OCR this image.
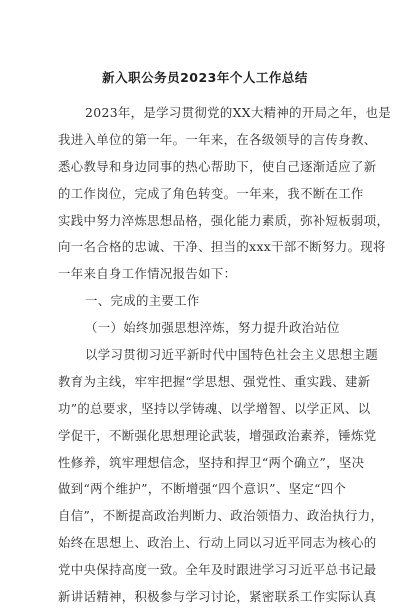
新入职公务员2023年个人工作总结
2023年，是学习贯彻党的XX大精神的开局之年，也是
我进入单位的第一年。一年来，在各级领导的言传身教、
悉心教导和身边同事的热心帮助下，使自己逐渐适应了新
的工作岗位，完成了角色转变。一年来，我不断在工作
实践中努力淬炼思想品格，强化能力素质，弥补短板弱项，
向一名合格的忠诚、干净、担当的xxx干部不断努力。现将
一年来自身工作情况报告如下：
一、完成的主要工作
（一）始终加强思想淬炼，努力提升政治站位
以学习贯彻习近平新时代中国特色社会主义思想主题
教育为主线，牢牢把握“学思想、强党性、重实践、建新
功”的总要求，坚持以学铸魂、以学增智、以学正风、以
学促干，不断强化思想理论武装，增强政治素养，锤炼党
性修养，筑牢理想信念，坚持和捍卫“两个确立”，坚决
做到“两个维护”，不断增强“四个意识”、坚定“四个
自信”，不断提高政治判断力、政治领悟力、政治执行力，
始终在思想上、政治上、行动上同以习近平同志为核心的
党中央保持高度一致。全年及时跟进学习习近平总书记最
新讲话精神，积极参与学习讨论，紧密联系工作实际认真
